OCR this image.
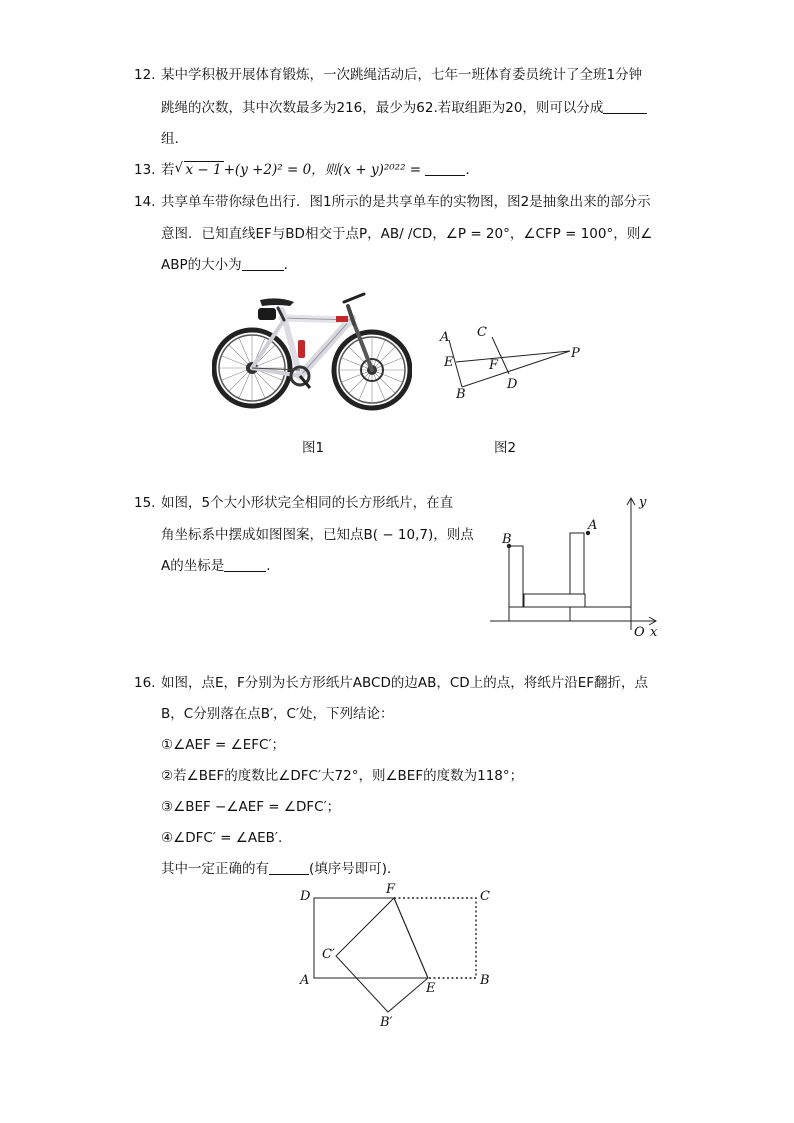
12. 某中学积极开展体育锻炼，一次跳绳活动后，七年一班体育委员统计了全班1分钟
跳绳的次数，其中次数最多为216，最少为62.若取组距为20，则可以分成
组.
13. 若 √ x − 1 +(y +2)² = 0，则(x + y)²⁰²² =	.
14. 共享单车带你绿色出行．图1所示的是共享单车的实物图，图2是抽象出来的部分示
意图．已知直线EF与BD相交于点P，AB/ /CD，∠P = 20°，∠CFP = 100°，则∠
ABP的大小为	.
图1
A C
E	F
P
B
D
图2
15. 如图，5个大小形状完全相同的长方形纸片，在直
角坐标系中摆成如图图案，已知点B( − 10,7)，则点
A的坐标是	.
y
x
O
A
B
16. 如图，点E，F分别为长方形纸片ABCD的边AB，CD上的点，将纸片沿EF翻折，点
B，C分别落在点B′，C′处，下列结论：
①∠AEF = ∠EFC′；
②若∠BEF的度数比∠DFC′大72°，则∠BEF的度数为118°；
③∠BEF −∠AEF = ∠DFC′；
④∠DFC′ = ∠AEB′.
其中一定正确的有	(填序号即可)．
D	F	C
C′
A
E
B
B′
